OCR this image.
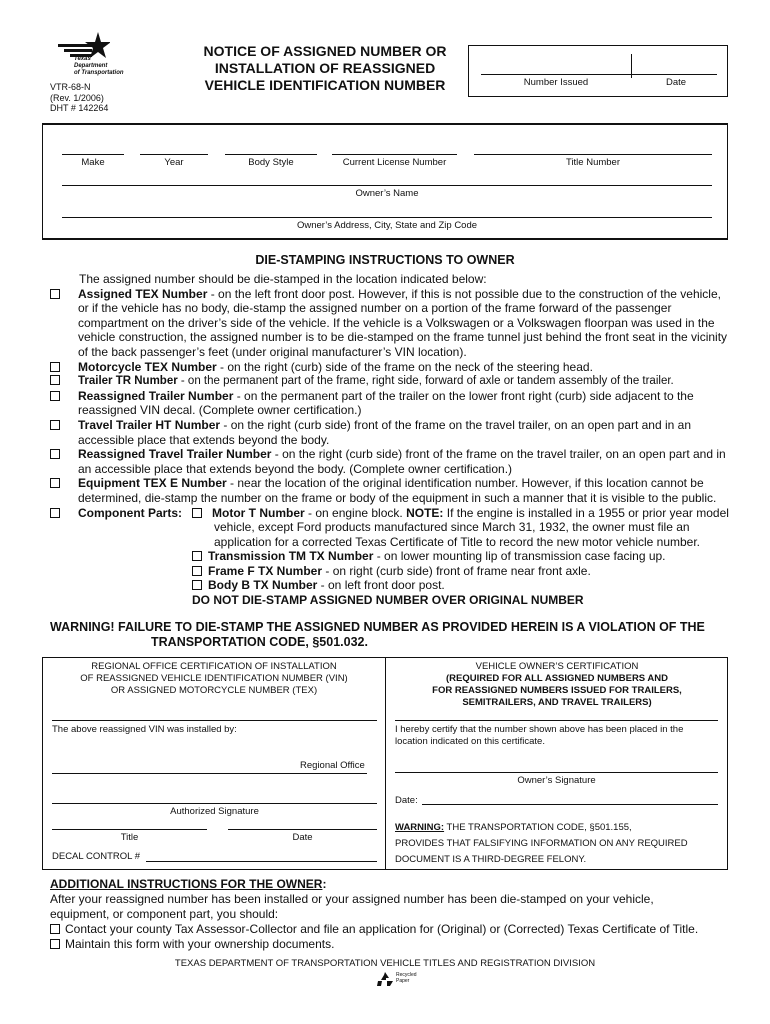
Texas
Department
of Transportation
VTR-68-N
(Rev. 1/2006)
DHT # 142264
NOTICE OF ASSIGNED NUMBER OR
INSTALLATION OF REASSIGNED
VEHICLE IDENTIFICATION NUMBER	Number Issued	Date
Make	Year	Body Style	Current License Number	Title Number
Owner’s Name
Owner’s Address, City, State and Zip Code
DIE-STAMPING INSTRUCTIONS TO OWNER
The assigned number should be die-stamped in the location indicated below:
Assigned TEX Number - on the left front door post. However, if this is not possible due to the construction of the vehicle, or if the vehicle has no body, die-stamp the assigned number on a portion of the frame forward of the passenger compartment on the driver’s side of the vehicle. If the vehicle is a Volkswagen or a Volkswagen floorpan was used in the vehicle construction, the assigned number is to be die-stamped on the frame tunnel just behind the front seat in the vicinity of the back passenger’s feet (under original manufacturer’s VIN location).
Motorcycle TEX Number - on the right (curb) side of the frame on the neck of the steering head.
Trailer TR Number - on the permanent part of the frame, right side, forward of axle or tandem assembly of the trailer.
Reassigned Trailer Number - on the permanent part of the trailer on the lower front right (curb) side adjacent to the reassigned VIN decal. (Complete owner certification.)
Travel Trailer HT Number - on the right (curb side) front of the frame on the travel trailer, on an open part and in an accessible place that extends beyond the body.
Reassigned Travel Trailer Number - on the right (curb side) front of the frame on the travel trailer, on an open part and in an accessible place that extends beyond the body. (Complete owner certification.)
Equipment TEX E Number - near the location of the original identification number. However, if this location cannot be determined, die-stamp the number on the frame or body of the equipment in such a manner that it is visible to the public.
Component Parts:	Motor T Number - on engine block. NOTE: If the engine is installed in a 1955 or prior year model vehicle, except Ford products manufactured since March 31, 1932, the owner must file an application for a corrected Texas Certificate of Title to record the new motor vehicle number.
Transmission TM TX Number - on lower mounting lip of transmission case facing up.
Frame F TX Number - on right (curb side) front of frame near front axle.
Body B TX Number - on left front door post.
DO NOT DIE-STAMP ASSIGNED NUMBER OVER ORIGINAL NUMBER
WARNING! FAILURE TO DIE-STAMP THE ASSIGNED NUMBER AS PROVIDED HEREIN IS A VIOLATION OF THE
TRANSPORTATION CODE, §501.032.
REGIONAL OFFICE CERTIFICATION OF INSTALLATION
OF REASSIGNED VEHICLE IDENTIFICATION NUMBER (VIN)
OR ASSIGNED MOTORCYCLE NUMBER (TEX)
The above reassigned VIN was installed by:
Regional Office
Authorized Signature
Title	Date
DECAL CONTROL #
VEHICLE OWNER’S CERTIFICATION
(REQUIRED FOR ALL ASSIGNED NUMBERS AND
FOR REASSIGNED NUMBERS ISSUED FOR TRAILERS,
SEMITRAILERS, AND TRAVEL TRAILERS)
I hereby certify that the number shown above has been placed in the
location indicated on this certificate.
Owner’s Signature
Date:
WARNING: THE TRANSPORTATION CODE, §501.155,
PROVIDES THAT FALSIFYING INFORMATION ON ANY REQUIRED
DOCUMENT IS A THIRD-DEGREE FELONY.
ADDITIONAL INSTRUCTIONS FOR THE OWNER:
After your reassigned number has been installed or your assigned number has been die-stamped on your vehicle,
equipment, or component part, you should:
Contact your county Tax Assessor-Collector and file an application for (Original) or (Corrected) Texas Certificate of Title.
Maintain this form with your ownership documents.
TEXAS DEPARTMENT OF TRANSPORTATION VEHICLE TITLES AND REGISTRATION DIVISION
Recycled
Paper
